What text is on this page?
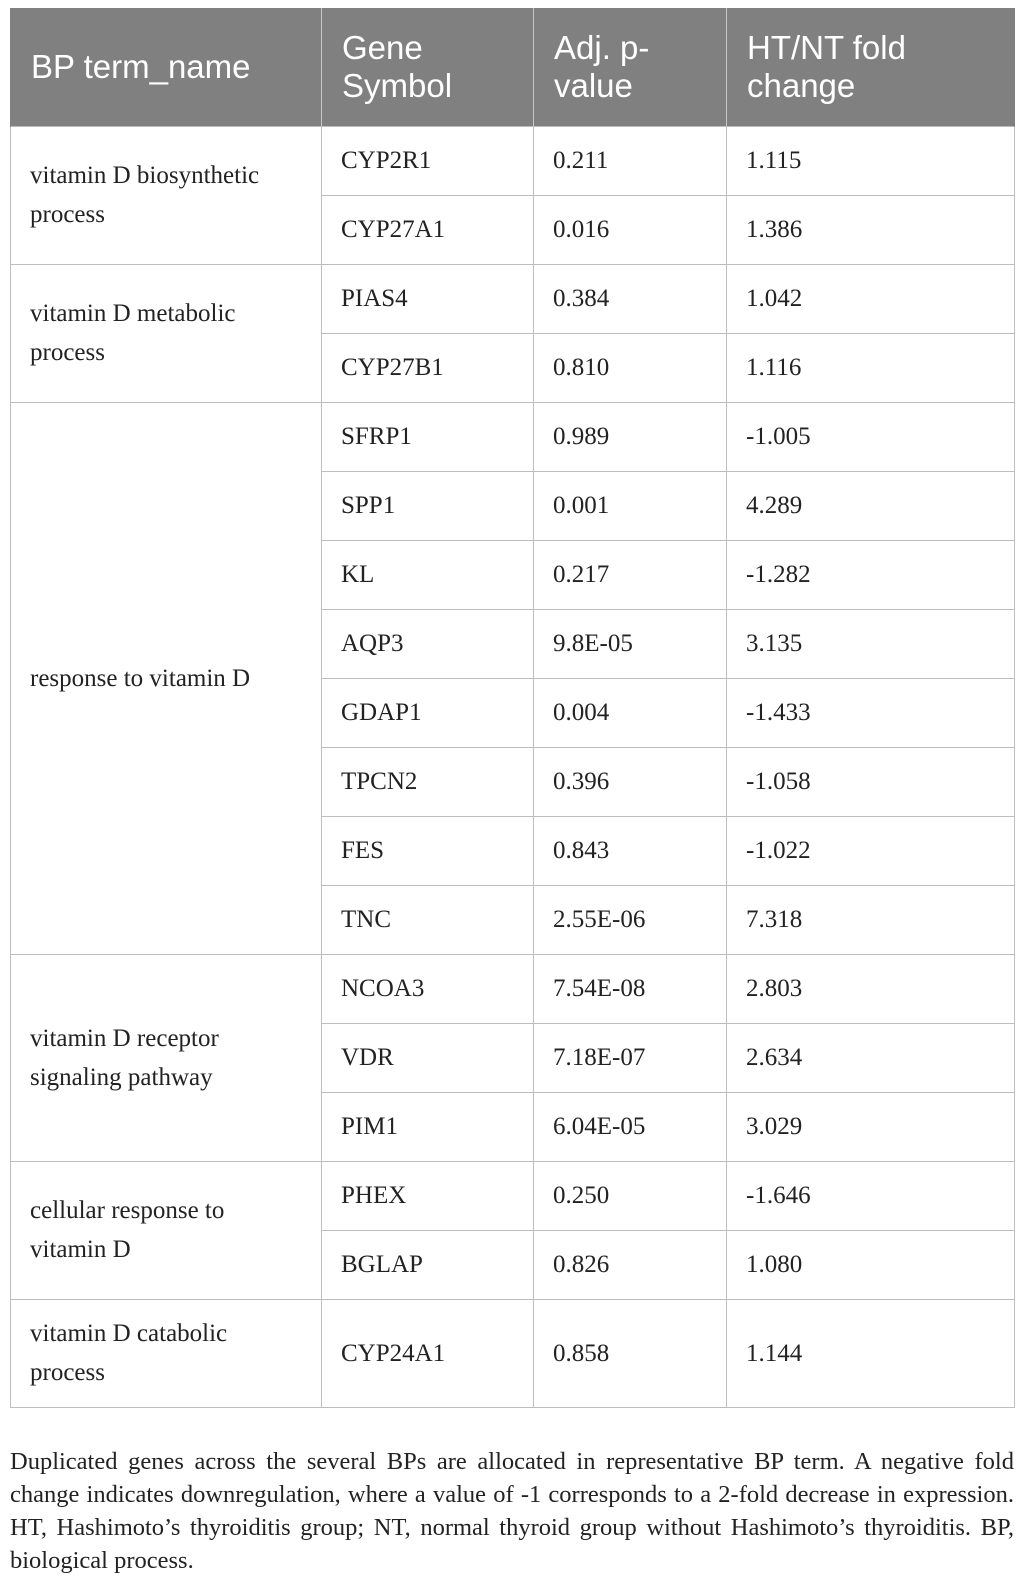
BP term_name	Gene Symbol	Adj. p-value	HT/NT fold change
vitamin D biosynthetic process	CYP2R1	0.211	1.115
	CYP27A1	0.016	1.386
vitamin D metabolic process	PIAS4	0.384	1.042
	CYP27B1	0.810	1.116
response to vitamin D	SFRP1	0.989	-1.005
	SPP1	0.001	4.289
	KL	0.217	-1.282
	AQP3	9.8E-05	3.135
	GDAP1	0.004	-1.433
	TPCN2	0.396	-1.058
	FES	0.843	-1.022
	TNC	2.55E-06	7.318
vitamin D receptor signaling pathway	NCOA3	7.54E-08	2.803
	VDR	7.18E-07	2.634
	PIM1	6.04E-05	3.029
cellular response to vitamin D	PHEX	0.250	-1.646
	BGLAP	0.826	1.080
vitamin D catabolic process	CYP24A1	0.858	1.144

Duplicated genes across the several BPs are allocated in representative BP term. A negative fold change indicates downregulation, where a value of -1 corresponds to a 2-fold decrease in expression. HT, Hashimoto’s thyroiditis group; NT, normal thyroid group without Hashimoto’s thyroiditis. BP, biological process.
